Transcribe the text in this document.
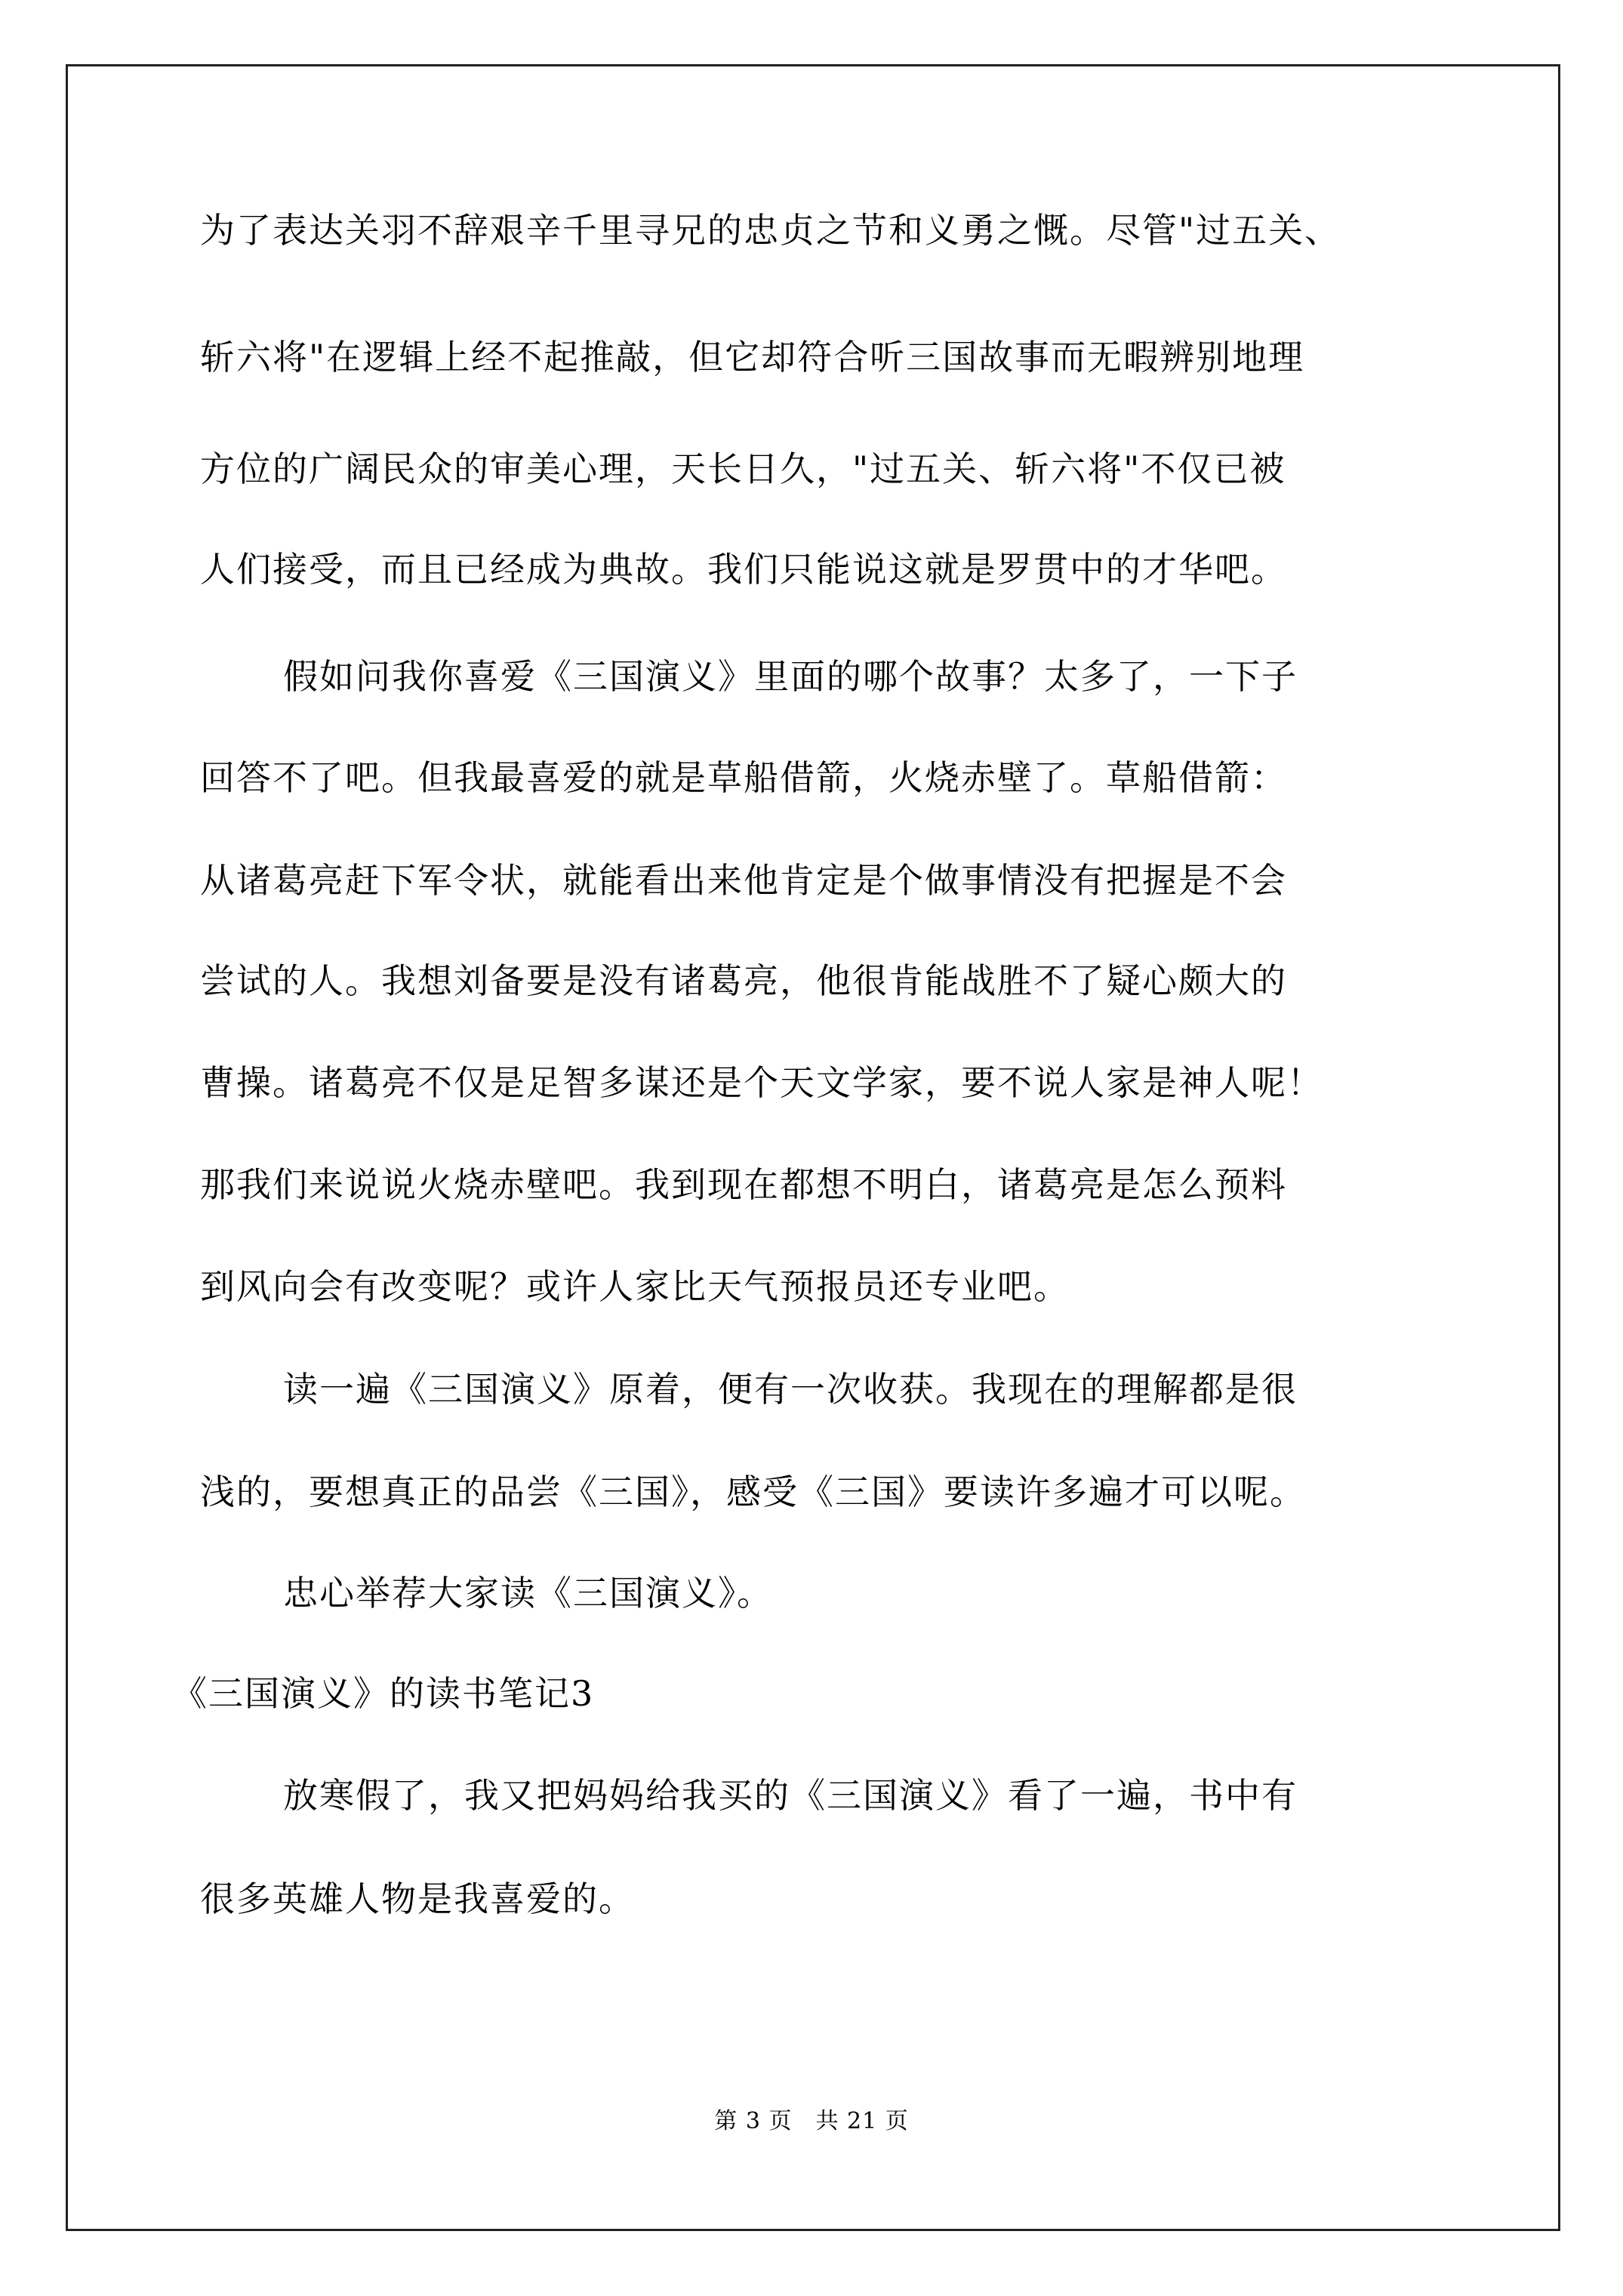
为了表达关羽不辞艰辛千里寻兄的忠贞之节和义勇之慨。尽管"过五关、
斩六将"在逻辑上经不起推敲，但它却符合听三国故事而无暇辨别地理
方位的广阔民众的审美心理，天长日久，"过五关、斩六将"不仅已被
人们接受，而且已经成为典故。我们只能说这就是罗贯中的才华吧。
假如问我你喜爱《三国演义》里面的哪个故事？太多了，一下子
回答不了吧。但我最喜爱的就是草船借箭，火烧赤壁了。草船借箭：
从诸葛亮赶下军令状，就能看出来他肯定是个做事情没有把握是不会
尝试的人。我想刘备要是没有诸葛亮，他很肯能战胜不了疑心颇大的
曹操。诸葛亮不仅是足智多谋还是个天文学家，要不说人家是神人呢！
那我们来说说火烧赤壁吧。我到现在都想不明白，诸葛亮是怎么预料
到风向会有改变呢？或许人家比天气预报员还专业吧。
读一遍《三国演义》原着，便有一次收获。我现在的理解都是很
浅的，要想真正的品尝《三国》，感受《三国》要读许多遍才可以呢。
忠心举荐大家读《三国演义》。
《三国演义》的读书笔记3
放寒假了，我又把妈妈给我买的《三国演义》看了一遍，书中有
很多英雄人物是我喜爱的。
第 3 页　共 21 页
